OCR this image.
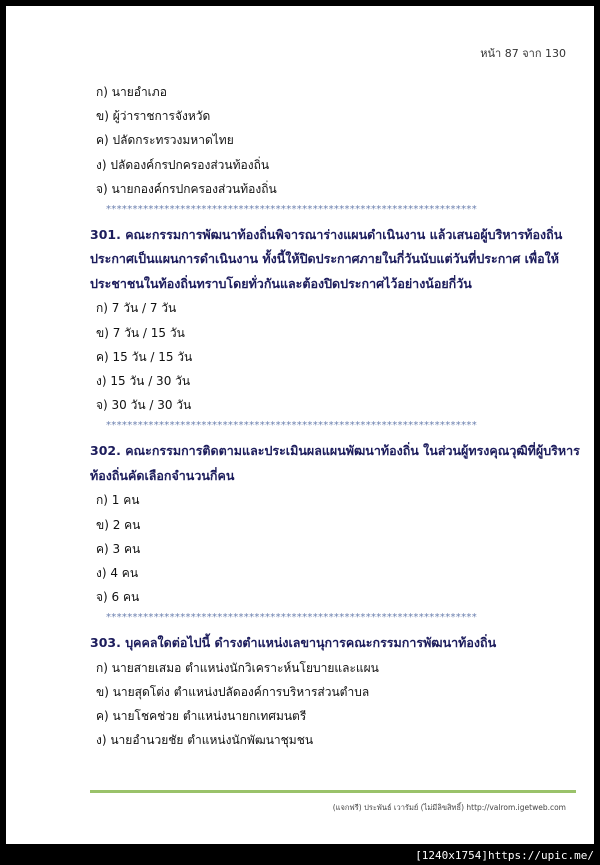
หน้า 87 จาก 130
ก) นายอำเภอ
ข) ผู้ว่าราชการจังหวัด
ค) ปลัดกระทรวงมหาดไทย
ง) ปลัดองค์กรปกครองส่วนท้องถิ่น
จ) นายกองค์กรปกครองส่วนท้องถิ่น
**********************************************************************
301. คณะกรรมการพัฒนาท้องถิ่นพิจารณาร่างแผนดำเนินงาน แล้วเสนอผู้บริหารท้องถิ่นประกาศเป็นแผนการดำเนินงาน ทั้งนี้ให้ปิดประกาศภายในกี่วันนับแต่วันที่ประกาศ เพื่อให้ประชาชนในท้องถิ่นทราบโดยทั่วกันและต้องปิดประกาศไว้อย่างน้อยกี่วัน
ก) 7 วัน / 7 วัน
ข) 7 วัน / 15 วัน
ค) 15 วัน / 15 วัน
ง) 15 วัน / 30 วัน
จ) 30 วัน / 30 วัน
**********************************************************************
302. คณะกรรมการติดตามและประเมินผลแผนพัฒนาท้องถิ่น ในส่วนผู้ทรงคุณวุฒิที่ผู้บริหารท้องถิ่นคัดเลือกจำนวนกี่คน
ก) 1 คน
ข) 2 คน
ค) 3 คน
ง) 4 คน
จ) 6 คน
**********************************************************************
303. บุคคลใดต่อไปนี้ ดำรงตำแหน่งเลขานุการคณะกรรมการพัฒนาท้องถิ่น
ก) นายสายเสมอ ตำแหน่งนักวิเคราะห์นโยบายและแผน
ข) นายสุดโต่ง ตำแหน่งปลัดองค์การบริหารส่วนตำบล
ค) นายโชคช่วย ตำแหน่งนายกเทศมนตรี
ง) นายอำนวยชัย ตำแหน่งนักพัฒนาชุมชน
(แจกฟรี) ประพันธ์ เวารัมย์ (ไม่มีลิขสิทธิ์) http://valrom.igetweb.com
[1240x1754]https://upic.me/
